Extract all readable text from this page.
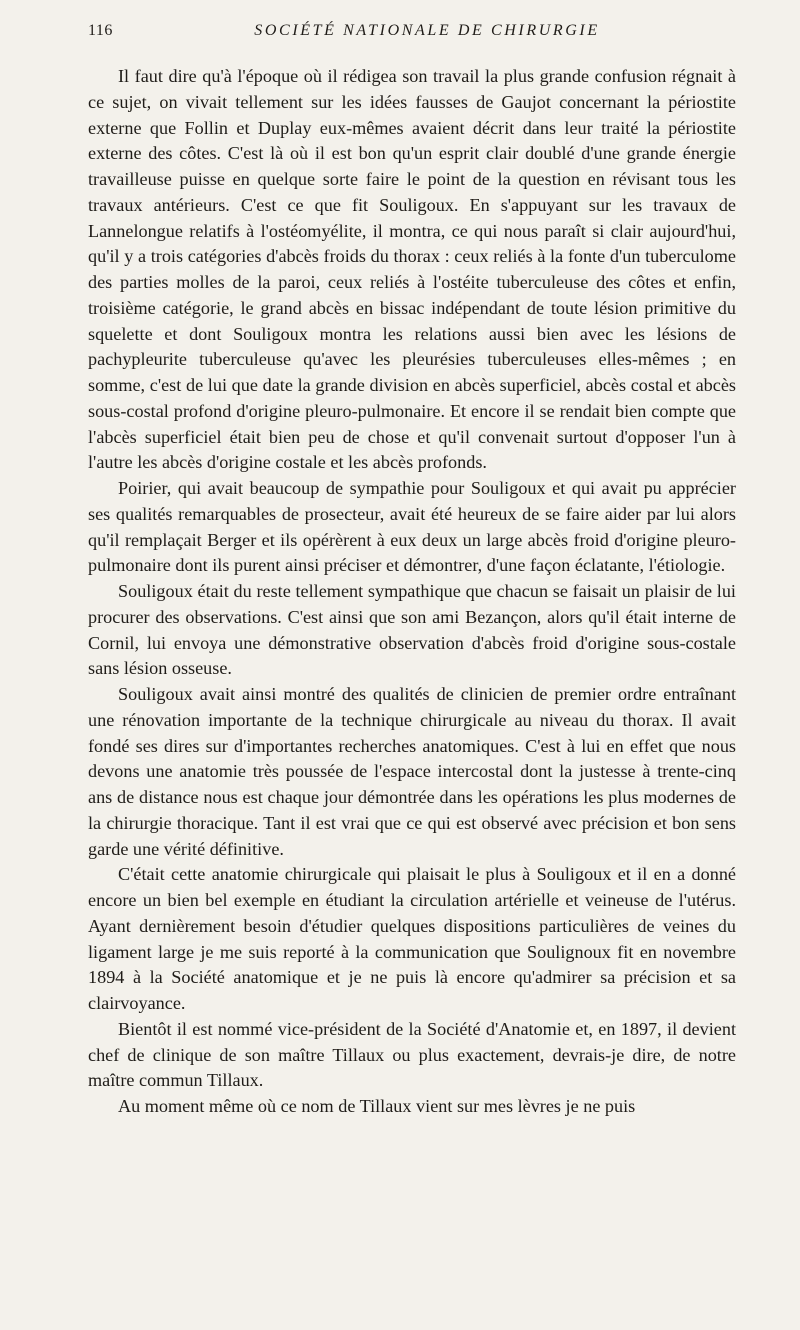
116	SOCIÉTÉ NATIONALE DE CHIRURGIE

Il faut dire qu'à l'époque où il rédigea son travail la plus grande confusion régnait à ce sujet, on vivait tellement sur les idées fausses de Gaujot concernant la périostite externe que Follin et Duplay eux-mêmes avaient décrit dans leur traité la périostite externe des côtes. C'est là où il est bon qu'un esprit clair doublé d'une grande énergie travailleuse puisse en quelque sorte faire le point de la question en révisant tous les travaux antérieurs. C'est ce que fit Souligoux. En s'appuyant sur les travaux de Lannelongue relatifs à l'ostéomyélite, il montra, ce qui nous paraît si clair aujourd'hui, qu'il y a trois catégories d'abcès froids du thorax : ceux reliés à la fonte d'un tuberculome des parties molles de la paroi, ceux reliés à l'ostéite tuberculeuse des côtes et enfin, troisième catégorie, le grand abcès en bissac indépendant de toute lésion primitive du squelette et dont Souligoux montra les relations aussi bien avec les lésions de pachypleurite tuberculeuse qu'avec les pleurésies tuberculeuses elles-mêmes ; en somme, c'est de lui que date la grande division en abcès superficiel, abcès costal et abcès sous-costal profond d'origine pleuro-pulmonaire. Et encore il se rendait bien compte que l'abcès superficiel était bien peu de chose et qu'il convenait surtout d'opposer l'un à l'autre les abcès d'origine costale et les abcès profonds.

Poirier, qui avait beaucoup de sympathie pour Souligoux et qui avait pu apprécier ses qualités remarquables de prosecteur, avait été heureux de se faire aider par lui alors qu'il remplaçait Berger et ils opérèrent à eux deux un large abcès froid d'origine pleuro-pulmonaire dont ils purent ainsi préciser et démontrer, d'une façon éclatante, l'étiologie.

Souligoux était du reste tellement sympathique que chacun se faisait un plaisir de lui procurer des observations. C'est ainsi que son ami Bezançon, alors qu'il était interne de Cornil, lui envoya une démonstrative observation d'abcès froid d'origine sous-costale sans lésion osseuse.

Souligoux avait ainsi montré des qualités de clinicien de premier ordre entraînant une rénovation importante de la technique chirurgicale au niveau du thorax. Il avait fondé ses dires sur d'importantes recherches anatomiques. C'est à lui en effet que nous devons une anatomie très poussée de l'espace intercostal dont la justesse à trente-cinq ans de distance nous est chaque jour démontrée dans les opérations les plus modernes de la chirurgie thoracique. Tant il est vrai que ce qui est observé avec précision et bon sens garde une vérité définitive.

C'était cette anatomie chirurgicale qui plaisait le plus à Souligoux et il en a donné encore un bien bel exemple en étudiant la circulation artérielle et veineuse de l'utérus. Ayant dernièrement besoin d'étudier quelques dispositions particulières de veines du ligament large je me suis reporté à la communication que Soulignoux fit en novembre 1894 à la Société anatomique et je ne puis là encore qu'admirer sa précision et sa clairvoyance.

Bientôt il est nommé vice-président de la Société d'Anatomie et, en 1897, il devient chef de clinique de son maître Tillaux ou plus exactement, devrais-je dire, de notre maître commun Tillaux.

Au moment même où ce nom de Tillaux vient sur mes lèvres je ne puis
